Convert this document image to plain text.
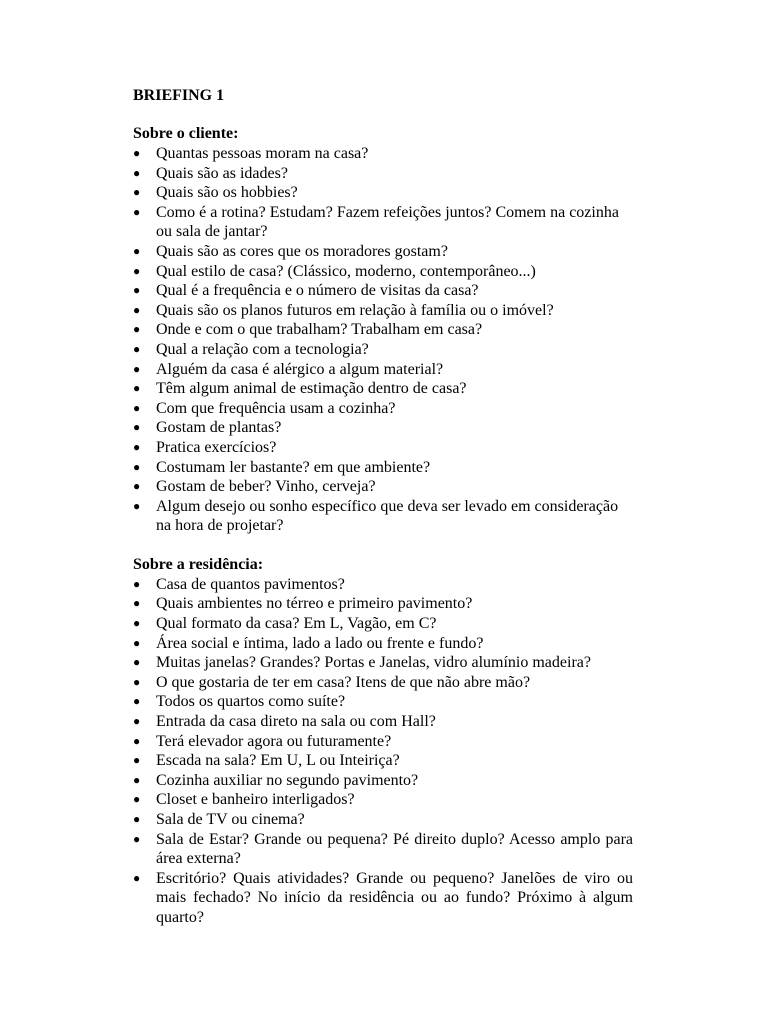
BRIEFING 1

Sobre o cliente:

● Quantas pessoas moram na casa?
● Quais são as idades?
● Quais são os hobbies?
● Como é a rotina? Estudam? Fazem refeições juntos? Comem na cozinha ou sala de jantar?
● Quais são as cores que os moradores gostam?
● Qual estilo de casa? (Clássico, moderno, contemporâneo...)
● Qual é a frequência e o número de visitas da casa?
● Quais são os planos futuros em relação à família ou o imóvel?
● Onde e com o que trabalham? Trabalham em casa?
● Qual a relação com a tecnologia?
● Alguém da casa é alérgico a algum material?
● Têm algum animal de estimação dentro de casa?
● Com que frequência usam a cozinha?
● Gostam de plantas?
● Pratica exercícios?
● Costumam ler bastante? em que ambiente?
● Gostam de beber? Vinho, cerveja?
● Algum desejo ou sonho específico que deva ser levado em consideração na hora de projetar?

Sobre a residência:

● Casa de quantos pavimentos?
● Quais ambientes no térreo e primeiro pavimento?
● Qual formato da casa? Em L, Vagão, em C?
● Área social e íntima, lado a lado ou frente e fundo?
● Muitas janelas? Grandes? Portas e Janelas, vidro alumínio madeira?
● O que gostaria de ter em casa? Itens de que não abre mão?
● Todos os quartos como suíte?
● Entrada da casa direto na sala ou com Hall?
● Terá elevador agora ou futuramente?
● Escada na sala? Em U, L ou Inteiriça?
● Cozinha auxiliar no segundo pavimento?
● Closet e banheiro interligados?
● Sala de TV ou cinema?
● Sala de Estar? Grande ou pequena? Pé direito duplo? Acesso amplo para área externa?
● Escritório? Quais atividades? Grande ou pequeno? Janelões de viro ou mais fechado? No início da residência ou ao fundo? Próximo à algum quarto?
